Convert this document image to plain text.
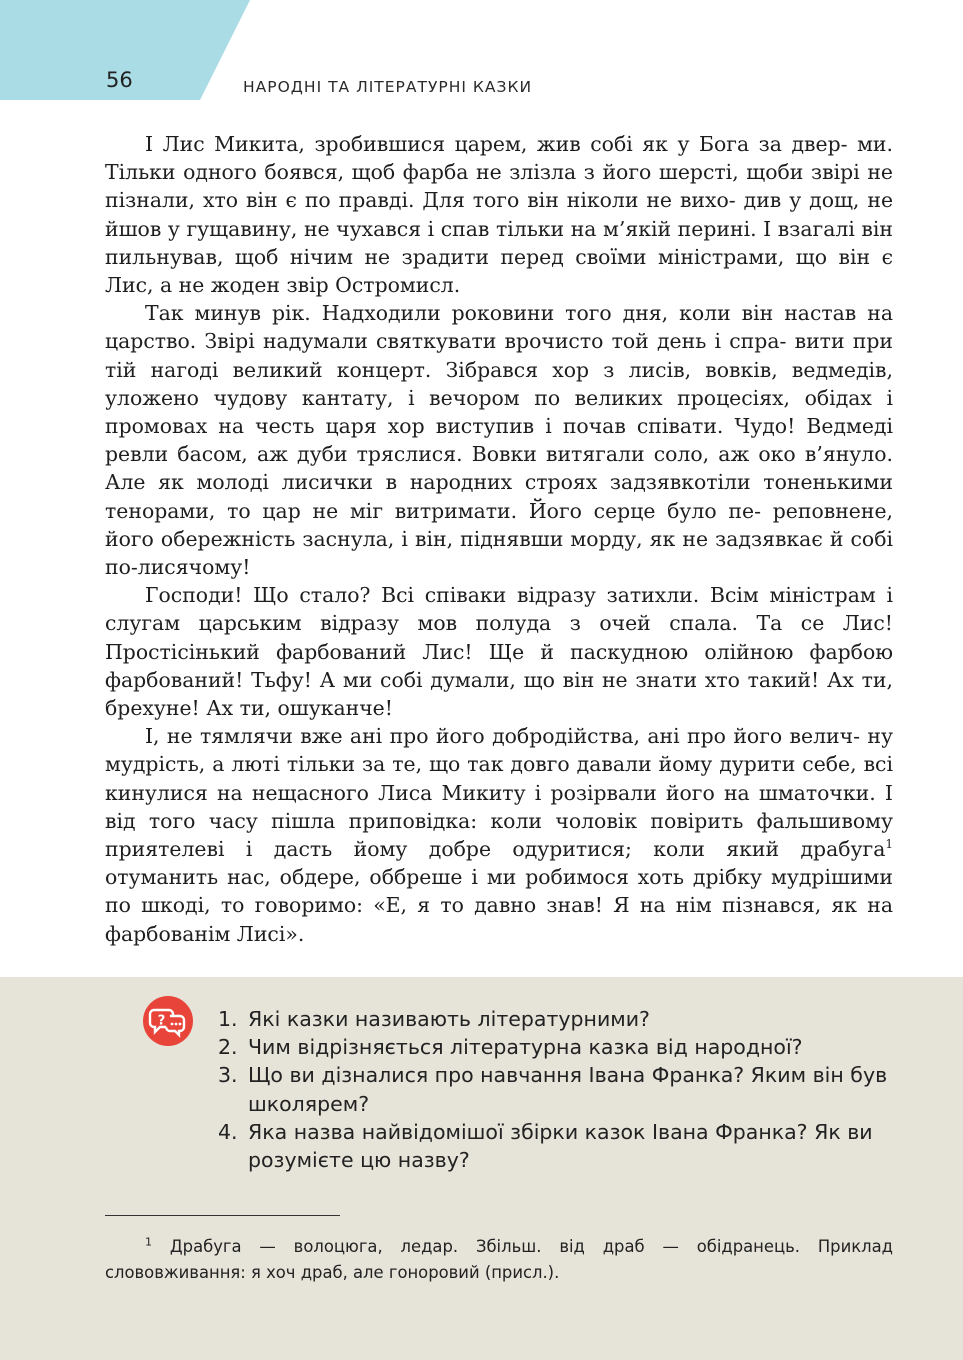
56	НАРОДНІ ТА ЛІТЕРАТУРНІ КАЗКИ

І Лис Микита, зробившися царем, жив собі як у Бога за двер- ми. Тільки одного боявся, щоб фарба не злізла з його шерсті, щоби звірі не пізнали, хто він є по правді. Для того він ніколи не вихо- див у дощ, не йшов у гущавину, не чухався і спав тільки на м’якій перині. І взагалі він пильнував, щоб нічим не зрадити перед своїми міністрами, що він є Лис, а не жоден звір Остромисл.

Так минув рік. Надходили роковини того дня, коли він настав на царство. Звірі надумали святкувати врочисто той день і спра- вити при тій нагоді великий концерт. Зібрався хор з лисів, вовків, ведмедів, уложено чудову кантату, і вечором по великих процесіях, обідах і промовах на честь царя хор виступив і почав співати. Чудо! Ведмеді ревли басом, аж дуби тряслися. Вовки витягали соло, аж око в’януло. Але як молоді лисички в народних строях задзявкотіли тоненькими тенорами, то цар не міг витримати. Його серце було пе- реповнене, його обережність заснула, і він, піднявши морду, як не задзявкає й собі по-лисячому!

Господи! Що стало? Всі співаки відразу затихли. Всім міністрам і слугам царським відразу мов полуда з очей спала. Та се Лис! Простісінький фарбований Лис! Ще й паскудною олійною фарбою фарбований! Тьфу! А ми собі думали, що він не знати хто такий! Ах ти, брехуне! Ах ти, ошуканче!

І, не тямлячи вже ані про його добродійства, ані про його велич- ну мудрість, а люті тільки за те, що так довго давали йому дурити себе, всі кинулися на нещасного Лиса Микиту і розірвали його на шматочки. І від того часу пішла приповідка: коли чоловік повірить фальшивому приятелеві і дасть йому добре одуритися; коли який драбуга$^1$ отуманить нас, обдере, оббреше і ми робимося хоть дрібку мудрішими по шкоді, то говоримо: «Е, я то давно знав! Я на нім пізнався, як на фарбованім Лисі».

?	1. Які казки називають літературними?
2. Чим відрізняється літературна казка від народної?
3. Що ви дізналися про навчання Івана Франка? Яким він був школярем?
4. Яка назва найвідомішої збірки казок Івана Франка? Як ви розумієте цю назву?

$^1$ Драбуга — волоцюга, ледар. Збільш. від драб — обідранець. Приклад слововживання: я хоч драб, але гоноровий (присл.).
